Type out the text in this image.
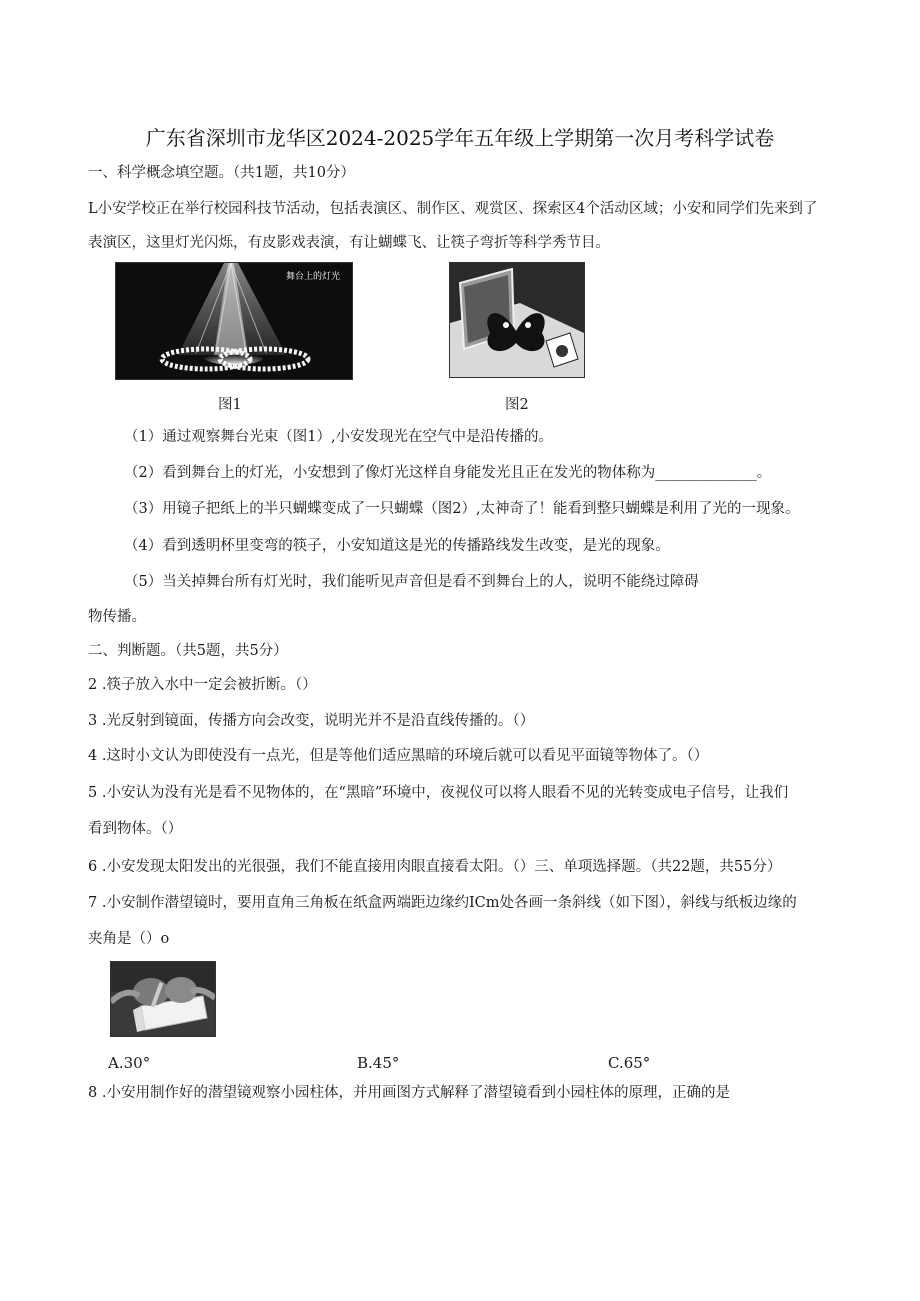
广东省深圳市龙华区2024-2025学年五年级上学期第一次月考科学试卷
一、科学概念填空题。（共1题，共10分）
L小安学校正在举行校园科技节活动，包括表演区、制作区、观赏区、探索区4个活动区域；小安和同学们先来到了
表演区，这里灯光闪烁，有皮影戏表演，有让蝴蝶飞、让筷子弯折等科学秀节目。
舞台上的灯光
图1	图2
（1）通过观察舞台光束（图1）,小安发现光在空气中是沿传播的。
（2）看到舞台上的灯光，小安想到了像灯光这样自身能发光且正在发光的物体称为______________。
（3）用镜子把纸上的半只蝴蝶变成了一只蝴蝶（图2）,太神奇了！能看到整只蝴蝶是利用了光的一现象。
（4）看到透明杯里变弯的筷子，小安知道这是光的传播路线发生改变，是光的现象。
（5）当关掉舞台所有灯光时，我们能听见声音但是看不到舞台上的人，说明不能绕过障碍
物传播。
二、判断题。（共5题，共5分）
2 .筷子放入水中一定会被折断。（）
3 .光反射到镜面，传播方向会改变，说明光并不是沿直线传播的。（）
4 .这时小文认为即使没有一点光，但是等他们适应黑暗的环境后就可以看见平面镜等物体了。（）
5 .小安认为没有光是看不见物体的，在“黑暗”环境中，夜视仪可以将人眼看不见的光转变成电子信号，让我们
看到物体。（）
6 .小安发现太阳发出的光很强，我们不能直接用肉眼直接看太阳。（）三、单项选择题。（共22题，共55分）
7 .小安制作潜望镜时，要用直角三角板在纸盒两端距边缘约ICm处各画一条斜线（如下图），斜线与纸板边缘的
夹角是（）o
A.30°	B.45°	C.65°
8 .小安用制作好的潜望镜观察小园柱体，并用画图方式解释了潜望镜看到小园柱体的原理，正确的是
